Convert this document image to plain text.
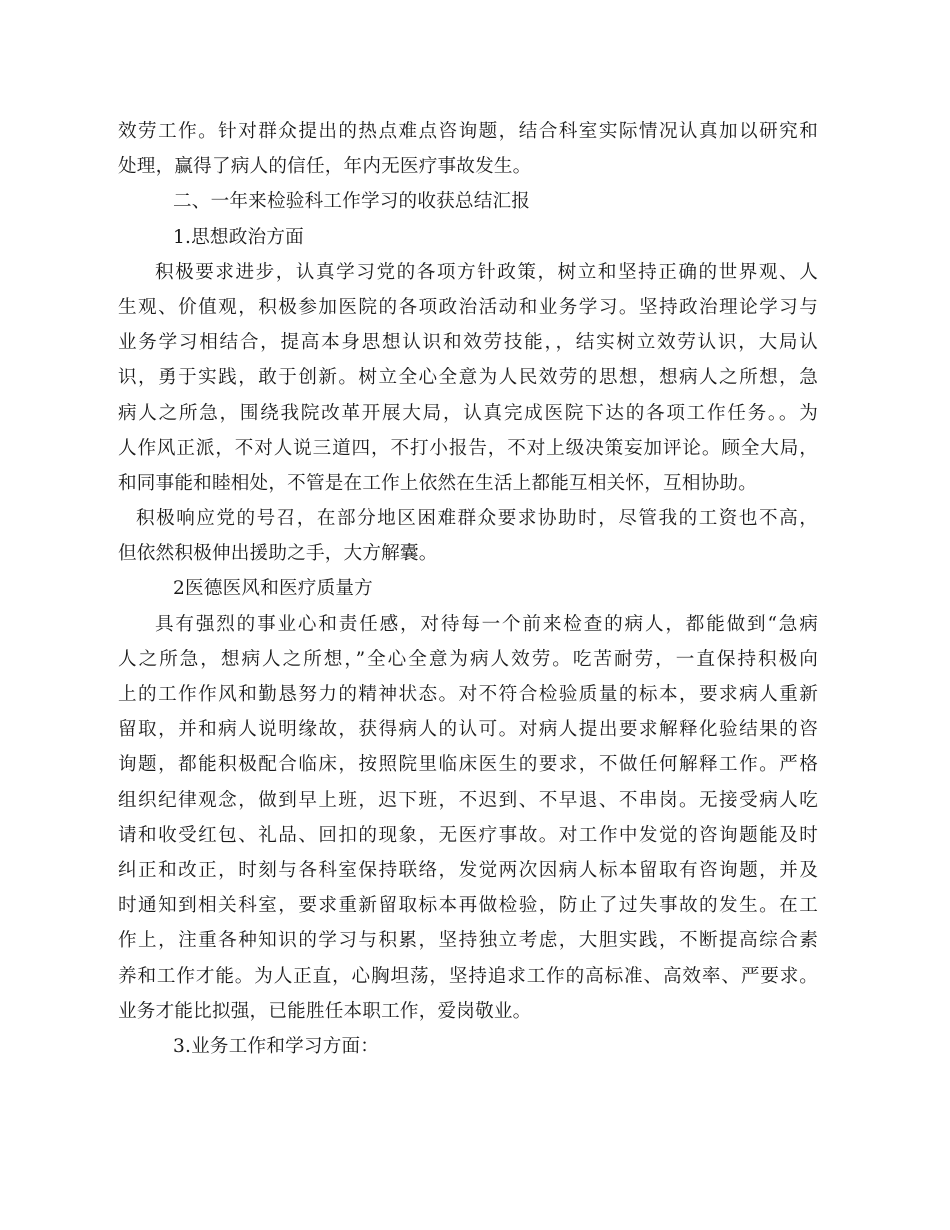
效劳工作。针对群众提出的热点难点咨询题，结合科室实际情况认真加以研究和
处理，赢得了病人的信任，年内无医疗事故发生。
二、一年来检验科工作学习的收获总结汇报
1.思想政治方面
积极要求进步，认真学习党的各项方针政策，树立和坚持正确的世界观、人
生观、价值观，积极参加医院的各项政治活动和业务学习。坚持政治理论学习与
业务学习相结合，提高本身思想认识和效劳技能，，结实树立效劳认识，大局认
识，勇于实践，敢于创新。树立全心全意为人民效劳的思想，想病人之所想，急
病人之所急，围绕我院改革开展大局，认真完成医院下达的各项工作任务。。为
人作风正派，不对人说三道四，不打小报告，不对上级决策妄加评论。顾全大局，
和同事能和睦相处，不管是在工作上依然在生活上都能互相关怀，互相协助。
积极响应党的号召，在部分地区困难群众要求协助时，尽管我的工资也不高，
但依然积极伸出援助之手，大方解囊。
2医德医风和医疗质量方
具有强烈的事业心和责任感，对待每一个前来检查的病人，都能做到“急病
人之所急，想病人之所想，”全心全意为病人效劳。吃苦耐劳，一直保持积极向
上的工作作风和勤恳努力的精神状态。对不符合检验质量的标本，要求病人重新
留取，并和病人说明缘故，获得病人的认可。对病人提出要求解释化验结果的咨
询题，都能积极配合临床，按照院里临床医生的要求，不做任何解释工作。严格
组织纪律观念，做到早上班，迟下班，不迟到、不早退、不串岗。无接受病人吃
请和收受红包、礼品、回扣的现象，无医疗事故。对工作中发觉的咨询题能及时
纠正和改正，时刻与各科室保持联络，发觉两次因病人标本留取有咨询题，并及
时通知到相关科室，要求重新留取标本再做检验，防止了过失事故的发生。在工
作上，注重各种知识的学习与积累，坚持独立考虑，大胆实践，不断提高综合素
养和工作才能。为人正直，心胸坦荡，坚持追求工作的高标准、高效率、严要求。
业务才能比拟强，已能胜任本职工作，爱岗敬业。
3.业务工作和学习方面：
